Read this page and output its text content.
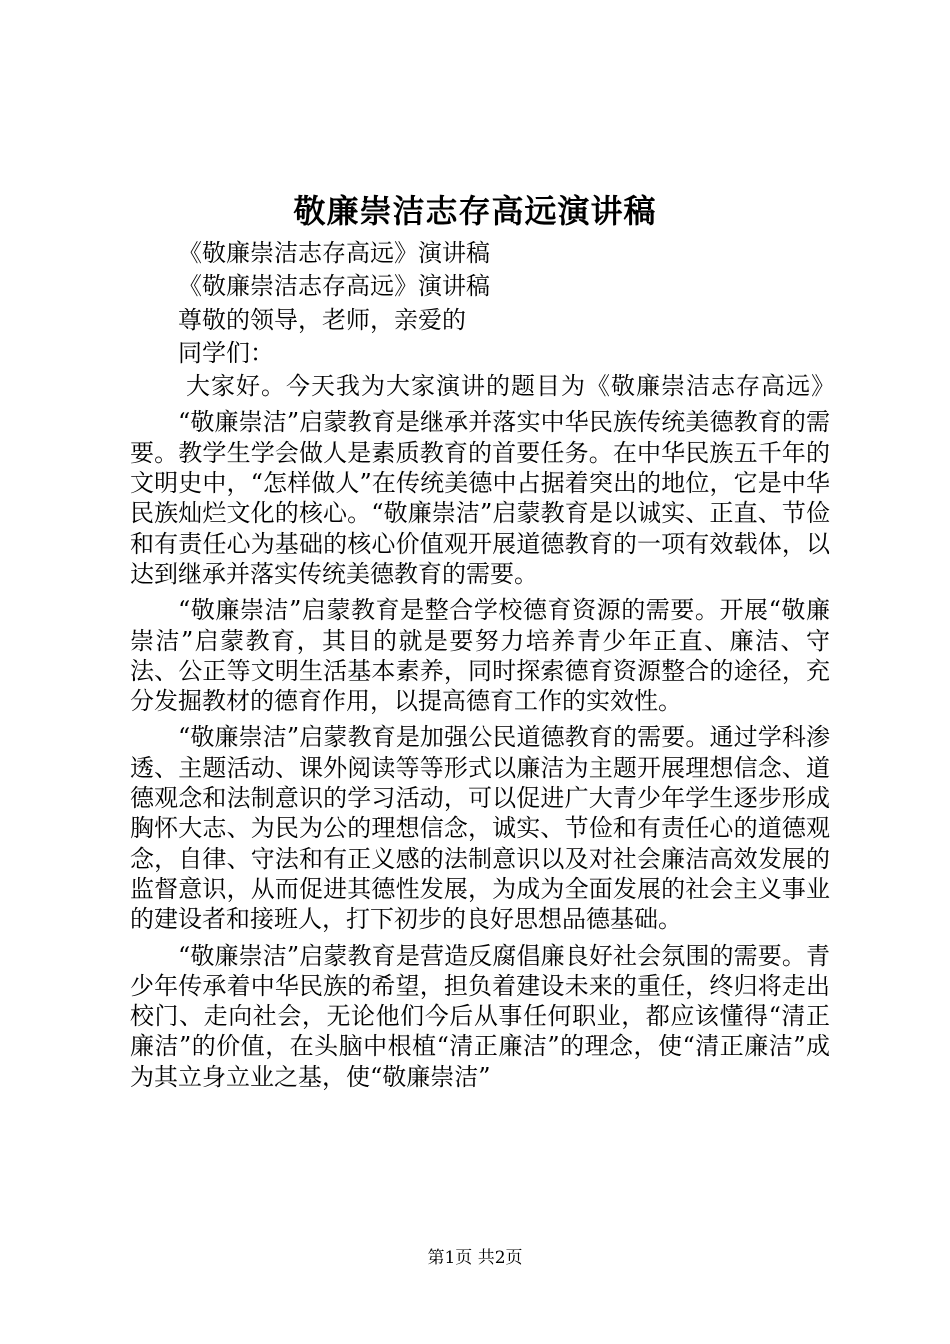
敬廉崇洁志存高远演讲稿
《敬廉崇洁志存高远》演讲稿
《敬廉崇洁志存高远》演讲稿
尊敬的领导，老师，亲爱的
同学们：

大家好。今天我为大家演讲的题目为《敬廉崇洁志存高远》

“敬廉崇洁”启蒙教育是继承并落实中华民族传统美德教育的需要。教学生学会做人是素质教育的首要任务。在中华民族五千年的文明史中，“怎样做人”在传统美德中占据着突出的地位，它是中华民族灿烂文化的核心。“敬廉崇洁”启蒙教育是以诚实、正直、节俭和有责任心为基础的核心价值观开展道德教育的一项有效载体，以达到继承并落实传统美德教育的需要。

“敬廉崇洁”启蒙教育是整合学校德育资源的需要。开展“敬廉崇洁”启蒙教育，其目的就是要努力培养青少年正直、廉洁、守法、公正等文明生活基本素养，同时探索德育资源整合的途径，充分发掘教材的德育作用，以提高德育工作的实效性。

“敬廉崇洁”启蒙教育是加强公民道德教育的需要。通过学科渗透、主题活动、课外阅读等等形式以廉洁为主题开展理想信念、道德观念和法制意识的学习活动，可以促进广大青少年学生逐步形成胸怀大志、为民为公的理想信念，诚实、节俭和有责任心的道德观念，自律、守法和有正义感的法制意识以及对社会廉洁高效发展的监督意识，从而促进其德性发展，为成为全面发展的社会主义事业的建设者和接班人，打下初步的良好思想品德基础。

“敬廉崇洁”启蒙教育是营造反腐倡廉良好社会氛围的需要。青少年传承着中华民族的希望，担负着建设未来的重任，终归将走出校门、走向社会，无论他们今后从事任何职业，都应该懂得“清正廉洁”的价值，在头脑中根植“清正廉洁”的理念，使“清正廉洁”成为其立身立业之基，使“敬廉崇洁”

第1页 共2页
